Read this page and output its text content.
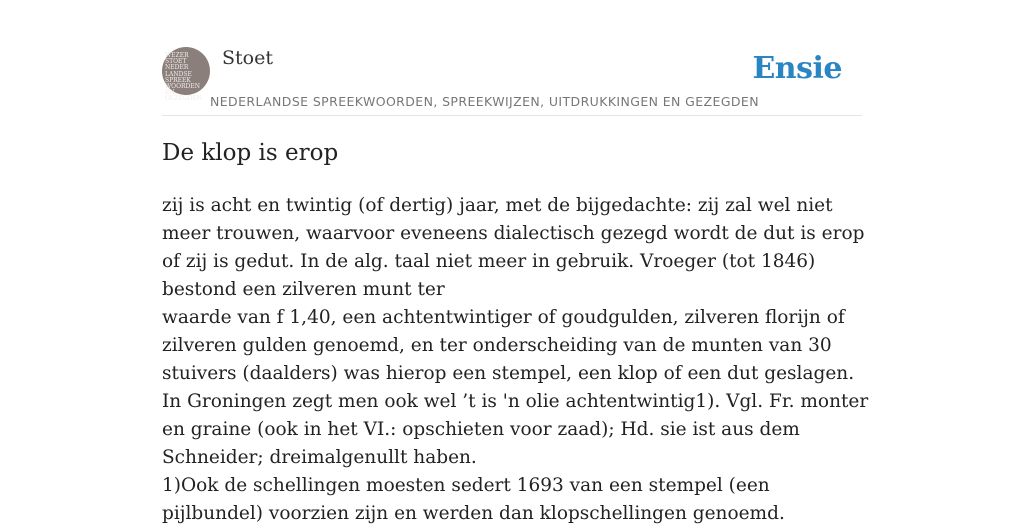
WEZER STOET
NEDER
LANDSE
SPREEK
WOORDEN EN
GEZEGDEN
Stoet	Ensie
NEDERLANDSE SPREEKWOORDEN, SPREEKWIJZEN, UITDRUKKINGEN EN GEZEGDEN
De klop is erop

zij is acht en twintig (of dertig) jaar, met de bijgedachte: zij zal wel niet meer trouwen, waarvoor eveneens dialectisch gezegd wordt de dut is erop of zij is gedut. In de alg. taal niet meer in gebruik. Vroeger (tot 1846) bestond een zilveren munt ter

waarde van f 1,40, een achtentwintiger of goudgulden, zilveren florijn of zilveren gulden genoemd, en ter onderscheiding van de munten van 30 stuivers (daalders) was hierop een stempel, een klop of een dut geslagen. In Groningen zegt men ook wel ’t is 'n olie achtentwintig1). Vgl. Fr. monter en graine (ook in het VI.: opschieten voor zaad); Hd. sie ist aus dem Schneider; dreimalgenullt haben.

1)Ook de schellingen moesten sedert 1693 van een stempel (een pijlbundel) voorzien zijn en werden dan klopschellingen genoemd.
